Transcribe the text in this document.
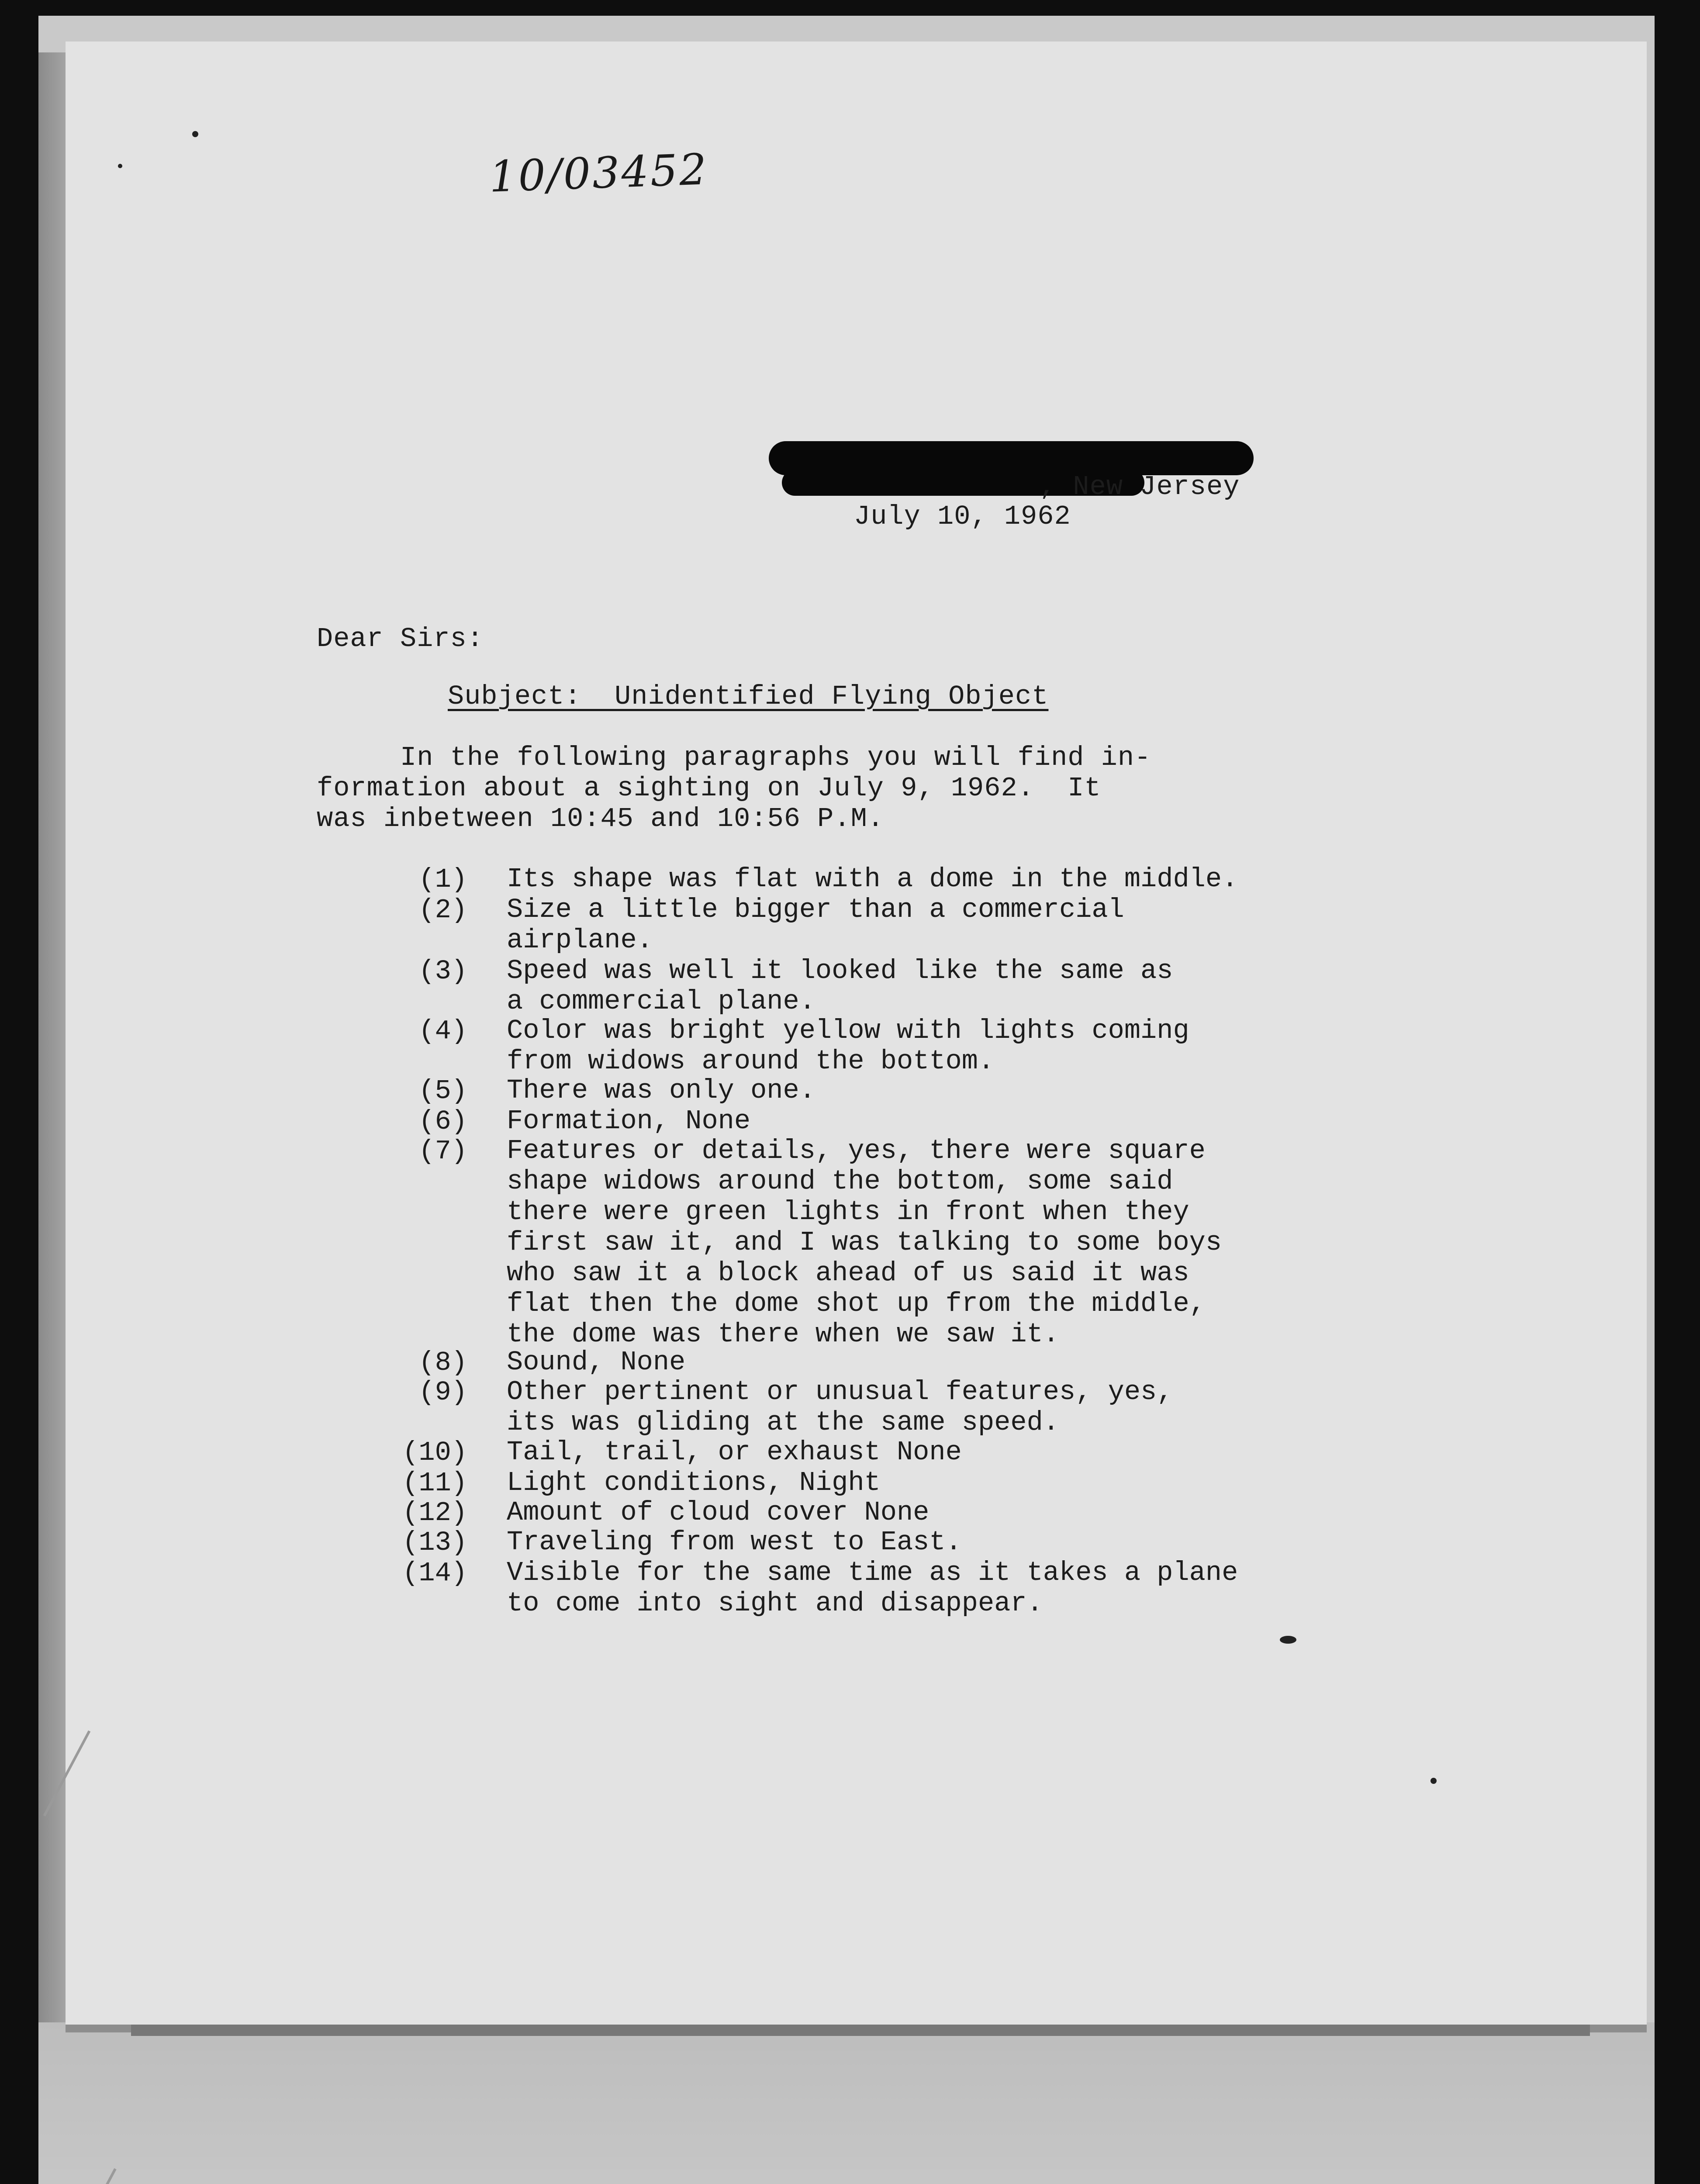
10/03452
, New Jersey
July 10, 1962
Dear Sirs:
Subject:  Unidentified Flying Object
In the following paragraphs you will find in-
formation about a sighting on July 9, 1962.  It
was inbetween 10:45 and 10:56 P.M.
(1) Its shape was flat with a dome in the middle.
(2) Size a little bigger than a commercial
airplane.
(3) Speed was well it looked like the same as
a commercial plane.
(4) Color was bright yellow with lights coming
from widows around the bottom.
(5) There was only one.
(6) Formation, None
(7) Features or details, yes, there were square
shape widows around the bottom, some said
there were green lights in front when they
first saw it, and I was talking to some boys
who saw it a block ahead of us said it was
flat then the dome shot up from the middle,
the dome was there when we saw it.
(8) Sound, None
(9) Other pertinent or unusual features, yes,
its was gliding at the same speed.
(10) Tail, trail, or exhaust None
(11) Light conditions, Night
(12) Amount of cloud cover None
(13) Traveling from west to East.
(14) Visible for the same time as it takes a plane
to come into sight and disappear.
